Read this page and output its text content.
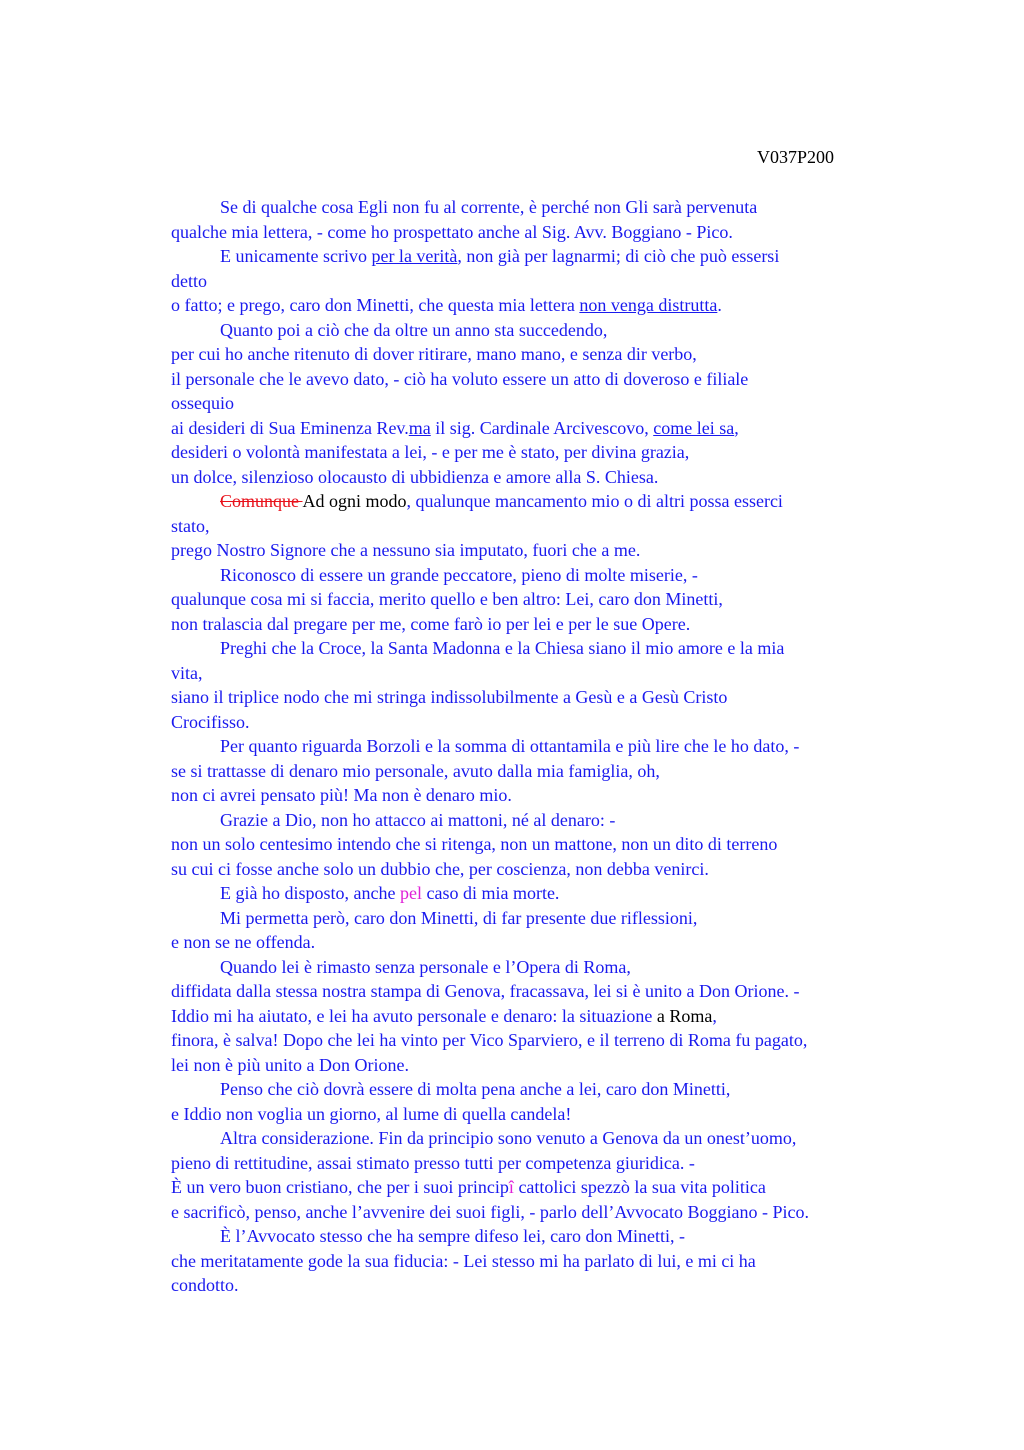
V037P200
Se di qualche cosa Egli non fu al corrente, è perché non Gli sarà pervenuta
qualche mia lettera, - come ho prospettato anche al Sig. Avv. Boggiano - Pico.
E unicamente scrivo per la verità, non già per lagnarmi; di ciò che può essersi
detto
o fatto; e prego, caro don Minetti, che questa mia lettera non venga distrutta.
Quanto poi a ciò che da oltre un anno sta succedendo,
per cui ho anche ritenuto di dover ritirare, mano mano, e senza dir verbo,
il personale che le avevo dato, - ciò ha voluto essere un atto di doveroso e filiale
ossequio
ai desideri di Sua Eminenza Rev.ma il sig. Cardinale Arcivescovo, come lei sa,
desideri o volontà manifestata a lei, - e per me è stato, per divina grazia,
un dolce, silenzioso olocausto di ubbidienza e amore alla S. Chiesa.
Comunque Ad ogni modo, qualunque mancamento mio o di altri possa esserci
stato,
prego Nostro Signore che a nessuno sia imputato, fuori che a me.
Riconosco di essere un grande peccatore, pieno di molte miserie, -
qualunque cosa mi si faccia, merito quello e ben altro: Lei, caro don Minetti,
non tralascia dal pregare per me, come farò io per lei e per le sue Opere.
Preghi che la Croce, la Santa Madonna e la Chiesa siano il mio amore e la mia
vita,
siano il triplice nodo che mi stringa indissolubilmente a Gesù e a Gesù Cristo
Crocifisso.
Per quanto riguarda Borzoli e la somma di ottantamila e più lire che le ho dato, -
se si trattasse di denaro mio personale, avuto dalla mia famiglia, oh,
non ci avrei pensato più! Ma non è denaro mio.
Grazie a Dio, non ho attacco ai mattoni, né al denaro: -
non un solo centesimo intendo che si ritenga, non un mattone, non un dito di terreno
su cui ci fosse anche solo un dubbio che, per coscienza, non debba venirci.
E già ho disposto, anche pel caso di mia morte.
Mi permetta però, caro don Minetti, di far presente due riflessioni,
e non se ne offenda.
Quando lei è rimasto senza personale e l’Opera di Roma,
diffidata dalla stessa nostra stampa di Genova, fracassava, lei si è unito a Don Orione. -
Iddio mi ha aiutato, e lei ha avuto personale e denaro: la situazione a Roma,
finora, è salva! Dopo che lei ha vinto per Vico Sparviero, e il terreno di Roma fu pagato,
lei non è più unito a Don Orione.
Penso che ciò dovrà essere di molta pena anche a lei, caro don Minetti,
e Iddio non voglia un giorno, al lume di quella candela!
Altra considerazione. Fin da principio sono venuto a Genova da un onest’uomo,
pieno di rettitudine, assai stimato presso tutti per competenza giuridica. -
È un vero buon cristiano, che per i suoi principî cattolici spezzò la sua vita politica
e sacrificò, penso, anche l’avvenire dei suoi figli, - parlo dell’Avvocato Boggiano - Pico.
È l’Avvocato stesso che ha sempre difeso lei, caro don Minetti, -
che meritatamente gode la sua fiducia: - Lei stesso mi ha parlato di lui, e mi ci ha
condotto.
